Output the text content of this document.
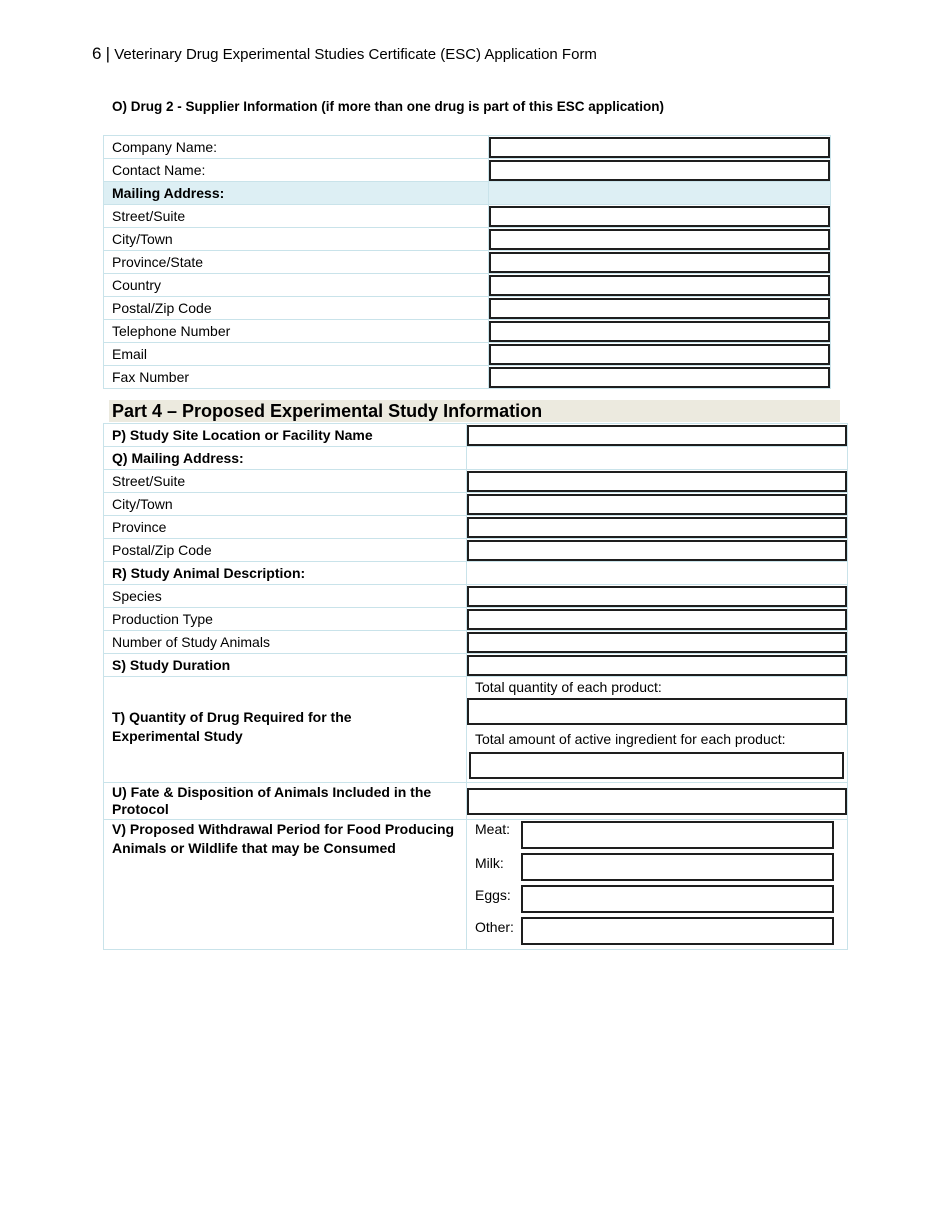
6 | Veterinary Drug Experimental Studies Certificate (ESC) Application Form
O) Drug 2 - Supplier Information (if more than one drug is part of this ESC application)
Company Name:	

Contact Name:	

Mailing Address:	
Street/Suite	

City/Town	

Province/State	

Country	

Postal/Zip Code	

Telephone Number	

Email	

Fax Number	
Part 4 – Proposed Experimental Study Information
P) Study Site Location or Facility Name	

Q) Mailing Address:	
Street/Suite	

City/Town	

Province	

Postal/Zip Code	

R) Study Animal Description:	
Species	

Production Type	

Number of Study Animals	

S) Study Duration	

T) Quantity of Drug Required for the Experimental Study	Total quantity of each product:
Total amount of active ingredient for each product:

U) Fate & Disposition of Animals Included in the Protocol	

V) Proposed Withdrawal Period for Food Producing Animals or Wildlife that may be Consumed	Meat:
Milk:
Eggs:
Other:
